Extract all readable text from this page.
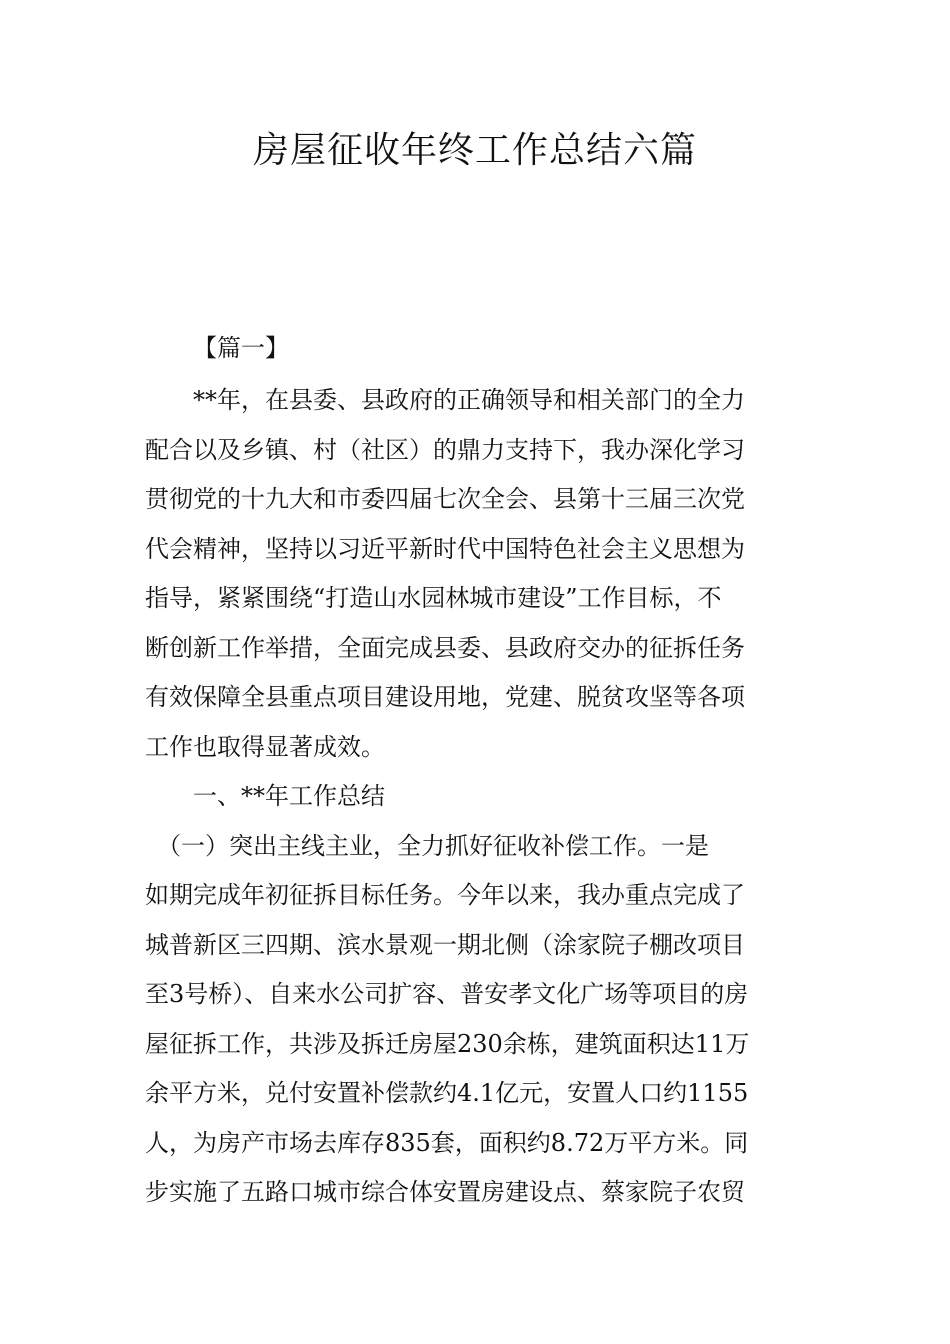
房屋征收年终工作总结六篇
【篇一】
　　**年，在县委、县政府的正确领导和相关部门的全力
配合以及乡镇、村（社区）的鼎力支持下，我办深化学习
贯彻党的十九大和市委四届七次全会、县第十三届三次党
代会精神，坚持以习近平新时代中国特色社会主义思想为
指导，紧紧围绕“打造山水园林城市建设”工作目标，不
断创新工作举措，全面完成县委、县政府交办的征拆任务
有效保障全县重点项目建设用地，党建、脱贫攻坚等各项
工作也取得显著成效。
　　一、**年工作总结
　（一）突出主线主业，全力抓好征收补偿工作。一是
如期完成年初征拆目标任务。今年以来，我办重点完成了
城普新区三四期、滨水景观一期北侧（涂家院子棚改项目
至3号桥）、自来水公司扩容、普安孝文化广场等项目的房
屋征拆工作，共涉及拆迁房屋230余栋，建筑面积达11万
余平方米，兑付安置补偿款约4.1亿元，安置人口约1155
人，为房产市场去库存835套，面积约8.72万平方米。同
步实施了五路口城市综合体安置房建设点、蔡家院子农贸
